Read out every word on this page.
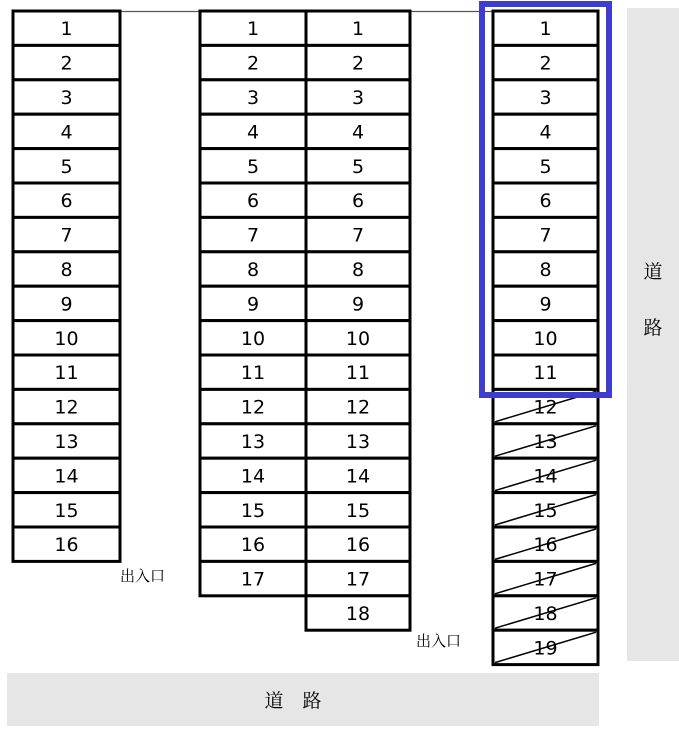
道
路
道　路
1
2
3
4
5
6
7
8
9
10
11
12
13
14
15
16
1
2
3
4
5
6
7
8
9
10
11
12
13
14
15
16
17
1
2
3
4
5
6
7
8
9
10
11
12
13
14
15
16
17
18
1
2
3
4
5
6
7
8
9
10
11
12
13
14
15
16
17
18
19
出入口
出入口
